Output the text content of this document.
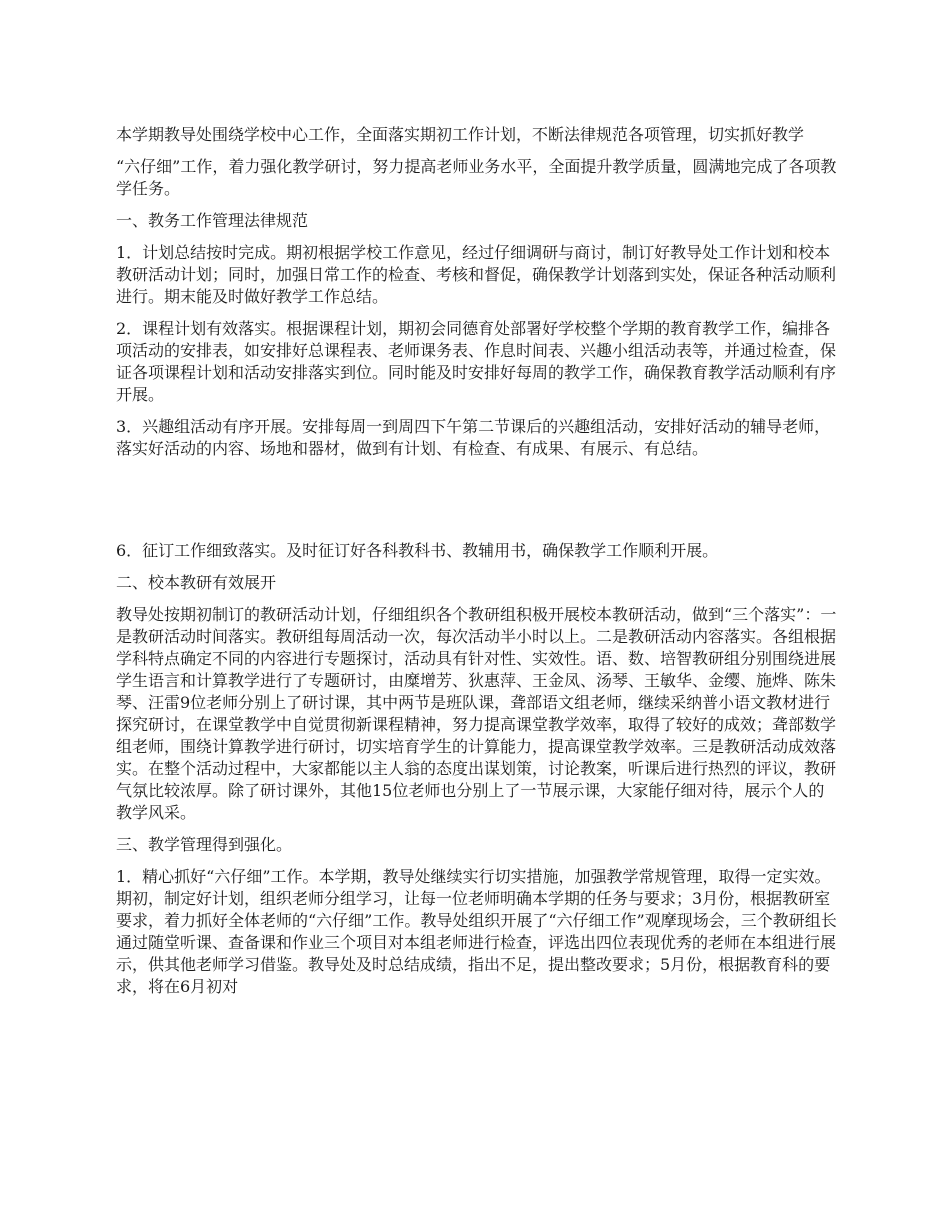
本学期教导处围绕学校中心工作，全面落实期初工作计划，不断法律规范各项管理，切实抓好教学

“六仔细”工作，着力强化教学研讨，努力提高老师业务水平，全面提升教学质量，圆满地完成了各项教学任务。

一、教务工作管理法律规范

1．计划总结按时完成。期初根据学校工作意见，经过仔细调研与商讨，制订好教导处工作计划和校本教研活动计划；同时，加强日常工作的检查、考核和督促，确保教学计划落到实处，保证各种活动顺利进行。期末能及时做好教学工作总结。

2．课程计划有效落实。根据课程计划，期初会同德育处部署好学校整个学期的教育教学工作，编排各项活动的安排表，如安排好总课程表、老师课务表、作息时间表、兴趣小组活动表等，并通过检查，保证各项课程计划和活动安排落实到位。同时能及时安排好每周的教学工作，确保教育教学活动顺利有序开展。

3．兴趣组活动有序开展。安排每周一到周四下午第二节课后的兴趣组活动，安排好活动的辅导老师，落实好活动的内容、场地和器材，做到有计划、有检查、有成果、有展示、有总结。

6．征订工作细致落实。及时征订好各科教科书、教辅用书，确保教学工作顺利开展。

二、校本教研有效展开

教导处按期初制订的教研活动计划，仔细组织各个教研组积极开展校本教研活动，做到“三个落实”：一是教研活动时间落实。教研组每周活动一次，每次活动半小时以上。二是教研活动内容落实。各组根据学科特点确定不同的内容进行专题探讨，活动具有针对性、实效性。语、数、培智教研组分别围绕进展学生语言和计算教学进行了专题研讨，由糜增芳、狄惠萍、王金凤、汤琴、王敏华、金缨、施烨、陈朱琴、汪雷9位老师分别上了研讨课，其中两节是班队课，聋部语文组老师，继续采纳普小语文教材进行探究研讨，在课堂教学中自觉贯彻新课程精神，努力提高课堂教学效率，取得了较好的成效；聋部数学组老师，围绕计算教学进行研讨，切实培育学生的计算能力，提高课堂教学效率。三是教研活动成效落实。在整个活动过程中，大家都能以主人翁的态度出谋划策，讨论教案，听课后进行热烈的评议，教研气氛比较浓厚。除了研讨课外，其他15位老师也分别上了一节展示课，大家能仔细对待，展示个人的教学风采。

三、教学管理得到强化。

1．精心抓好“六仔细”工作。本学期，教导处继续实行切实措施，加强教学常规管理，取得一定实效。期初，制定好计划，组织老师分组学习，让每一位老师明确本学期的任务与要求；3月份，根据教研室要求，着力抓好全体老师的“六仔细”工作。教导处组织开展了“六仔细工作”观摩现场会，三个教研组长通过随堂听课、查备课和作业三个项目对本组老师进行检查，评选出四位表现优秀的老师在本组进行展示，供其他老师学习借鉴。教导处及时总结成绩，指出不足，提出整改要求；5月份，根据教育科的要求，将在6月初对
